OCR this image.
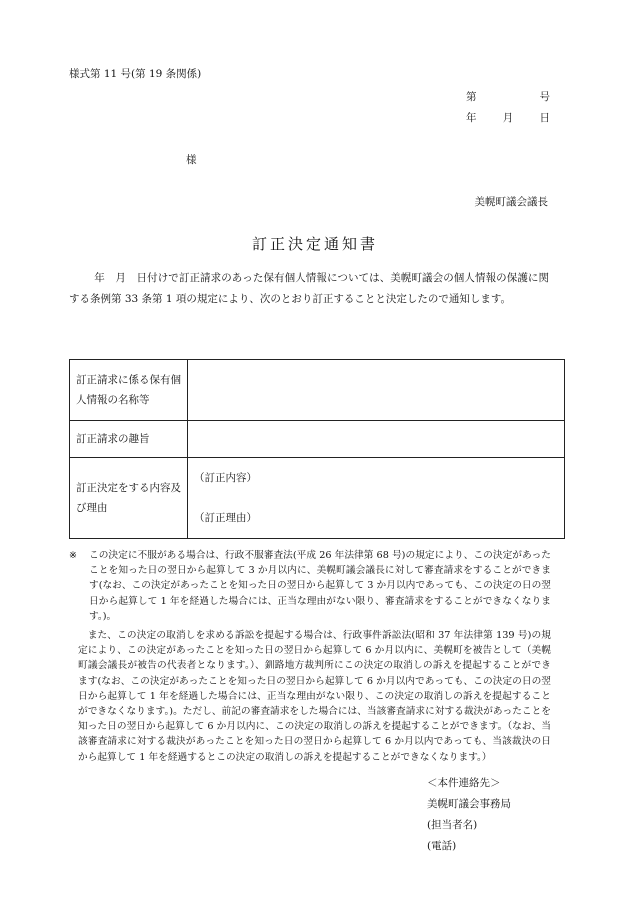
様式第 11 号(第 19 条関係)
第	号
年	月	日
様
美幌町議会議長
訂正決定通知書
年　月　日付けで訂正請求のあった保有個人情報については、美幌町議会の個人情報の保護に関する条例第 33 条第 1 項の規定により、次のとおり訂正することと決定したので通知します。
訂正請求に係る保有個人情報の名称等	
訂正請求の趣旨	
訂正決定をする内容及び理由	（訂正内容）
（訂正理由）
※	この決定に不服がある場合は、行政不服審査法(平成 26 年法律第 68 号)の規定により、この決定があったことを知った日の翌日から起算して 3 か月以内に、美幌町議会議長に対して審査請求をすることができます(なお、この決定があったことを知った日の翌日から起算して 3 か月以内であっても、この決定の日の翌日から起算して 1 年を経過した場合には、正当な理由がない限り、審査請求をすることができなくなります。)。
また、この決定の取消しを求める訴訟を提起する場合は、行政事件訴訟法(昭和 37 年法律第 139 号)の規定により、この決定があったことを知った日の翌日から起算して 6 か月以内に、美幌町を被告として（美幌町議会議長が被告の代表者となります。）、釧路地方裁判所にこの決定の取消しの訴えを提起することができます(なお、この決定があったことを知った日の翌日から起算して 6 か月以内であっても、この決定の日の翌日から起算して 1 年を経過した場合には、正当な理由がない限り、この決定の取消しの訴えを提起することができなくなります。)。ただし、前記の審査請求をした場合には、当該審査請求に対する裁決があったことを知った日の翌日から起算して 6 か月以内に、この決定の取消しの訴えを提起することができます。（なお、当該審査請求に対する裁決があったことを知った日の翌日から起算して 6 か月以内であっても、当該裁決の日から起算して 1 年を経過するとこの決定の取消しの訴えを提起することができなくなります。）
＜本件連絡先＞
美幌町議会事務局
(担当者名)
(電話)
